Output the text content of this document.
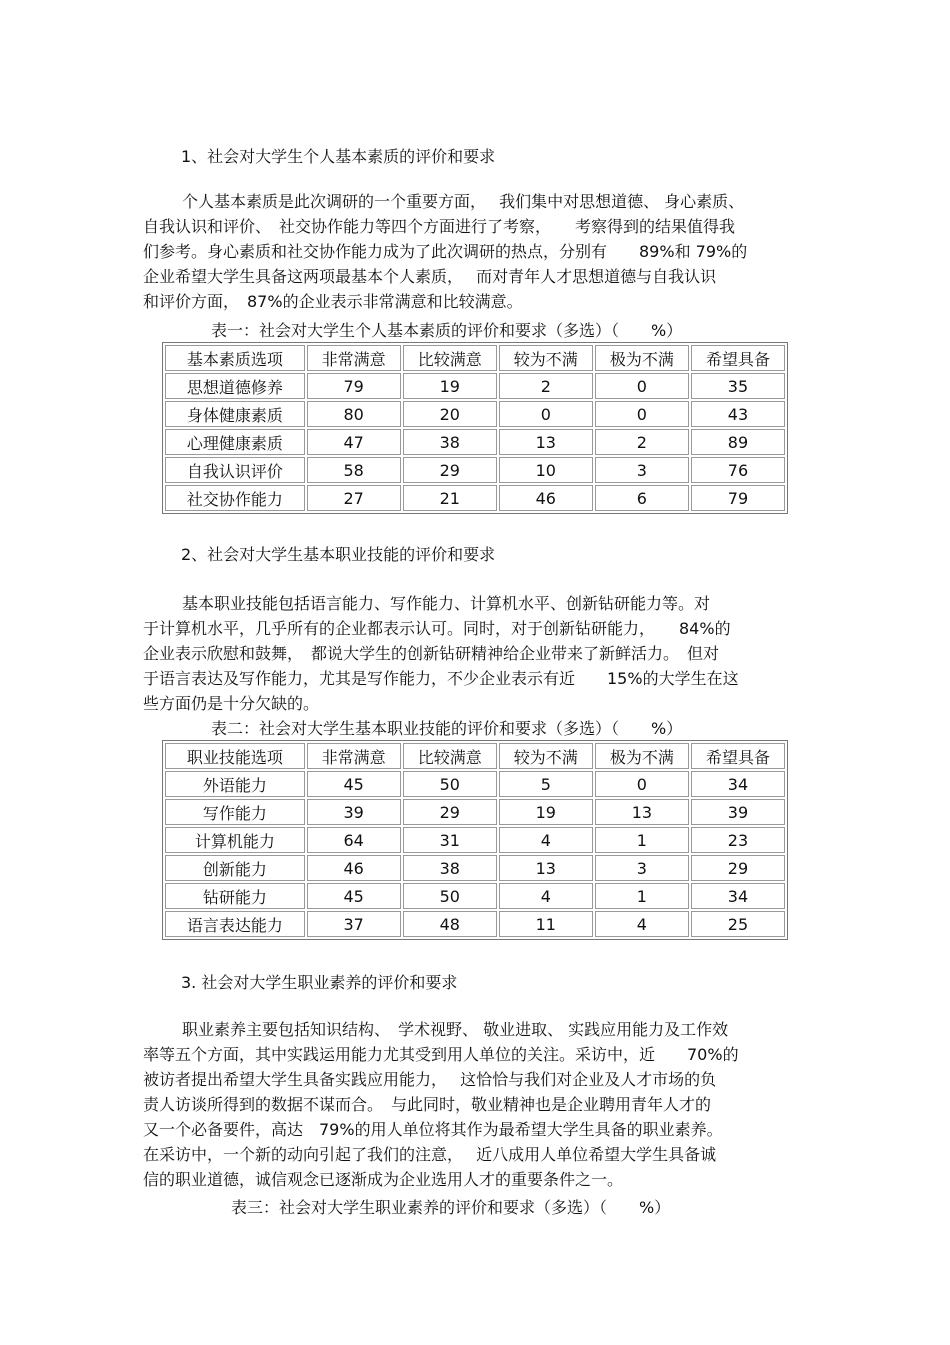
1、社会对大学生个人基本素质的评价和要求
个人基本素质是此次调研的一个重要方面，　 我们集中对思想道德、 身心素质、
自我认识和评价、　社交协作能力等四个方面进行了考察，　　考察得到的结果值得我
们参考。身心素质和社交协作能力成为了此次调研的热点，分别有　　89%和 79%的
企业希望大学生具备这两项最基本个人素质，　 而对青年人才思想道德与自我认识
和评价方面，　87%的企业表示非常满意和比较满意。
表一：社会对大学生个人基本素质的评价和要求（多选）（　　%）
基本素质选项	非常满意	比较满意	较为不满	极为不满	希望具备
思想道德修养	79	19	2	0	35
身体健康素质	80	20	0	0	43
心理健康素质	47	38	13	2	89
自我认识评价	58	29	10	3	76
社交协作能力	27	21	46	6	79
2、社会对大学生基本职业技能的评价和要求
基本职业技能包括语言能力、写作能力、计算机水平、创新钻研能力等。对
于计算机水平，几乎所有的企业都表示认可。同时，对于创新钻研能力，　　84%的
企业表示欣慰和鼓舞，　都说大学生的创新钻研精神给企业带来了新鲜活力。　但对
于语言表达及写作能力，尤其是写作能力，不少企业表示有近　　15%的大学生在这
些方面仍是十分欠缺的。
表二：社会对大学生基本职业技能的评价和要求（多选）（　　%）
职业技能选项	非常满意	比较满意	较为不满	极为不满	希望具备
外语能力	45	50	5	0	34
写作能力	39	29	19	13	39
计算机能力	64	31	4	1	23
创新能力	46	38	13	3	29
钻研能力	45	50	4	1	34
语言表达能力	37	48	11	4	25
3. 社会对大学生职业素养的评价和要求
职业素养主要包括知识结构、　学术视野、 敬业进取、 实践应用能力及工作效
率等五个方面，其中实践运用能力尤其受到用人单位的关注。采访中，近　　70%的
被访者提出希望大学生具备实践应用能力，　 这恰恰与我们对企业及人才市场的负
责人访谈所得到的数据不谋而合。　与此同时，敬业精神也是企业聘用青年人才的
又一个必备要件，高达　79%的用人单位将其作为最希望大学生具备的职业素养。
在采访中，一个新的动向引起了我们的注意，　 近八成用人单位希望大学生具备诚
信的职业道德，诚信观念已逐渐成为企业选用人才的重要条件之一。
表三：社会对大学生职业素养的评价和要求（多选）（　　%）
